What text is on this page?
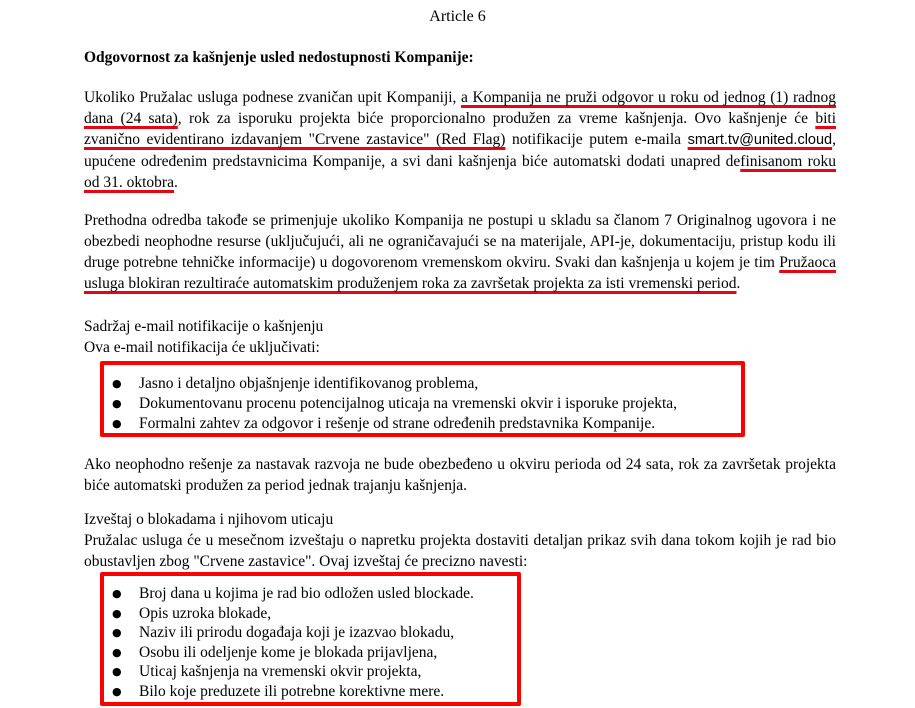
Article 6
Odgovornost za kašnjenje usled nedostupnosti Kompanije:
Ukoliko Pružalac usluga podnese zvaničan upit Kompaniji, a Kompanija ne pruži odgovor u roku od jednog (1) radnog dana (24 sata), rok za isporuku projekta biće proporcionalno produžen za vreme kašnjenja. Ovo kašnjenje će biti zvanično evidentirano izdavanjem "Crvene zastavice" (Red Flag) notifikacije putem e-maila smart.tv@united.cloud, upućene određenim predstavnicima Kompanije, a svi dani kašnjenja biće automatski dodati unapred definisanom roku od 31. oktobra.
Prethodna odredba takođe se primenjuje ukoliko Kompanija ne postupi u skladu sa članom 7 Originalnog ugovora i ne obezbedi neophodne resurse (uključujući, ali ne ograničavajući se na materijale, API-je, dokumentaciju, pristup kodu ili druge potrebne tehničke informacije) u dogovorenom vremenskom okviru. Svaki dan kašnjenja u kojem je tim Pružaoca usluga blokiran rezultiraće automatskim produženjem roka za završetak projekta za isti vremenski period.
Sadržaj e-mail notifikacije o kašnjenju
Ova e-mail notifikacija će uključivati:
● Jasno i detaljno objašnjenje identifikovanog problema,
● Dokumentovanu procenu potencijalnog uticaja na vremenski okvir i isporuke projekta,
● Formalni zahtev za odgovor i rešenje od strane određenih predstavnika Kompanije.
Ako neophodno rešenje za nastavak razvoja ne bude obezbeđeno u okviru perioda od 24 sata, rok za završetak projekta biće automatski produžen za period jednak trajanju kašnjenja.
Izveštaj o blokadama i njihovom uticaju
Pružalac usluga će u mesečnom izveštaju o napretku projekta dostaviti detaljan prikaz svih dana tokom kojih je rad bio obustavljen zbog "Crvene zastavice". Ovaj izveštaj će precizno navesti:
● Broj dana u kojima je rad bio odložen usled blockade.
● Opis uzroka blokade,
● Naziv ili prirodu događaja koji je izazvao blokadu,
● Osobu ili odeljenje kome je blokada prijavljena,
● Uticaj kašnjenja na vremenski okvir projekta,
● Bilo koje preduzete ili potrebne korektivne mere.
